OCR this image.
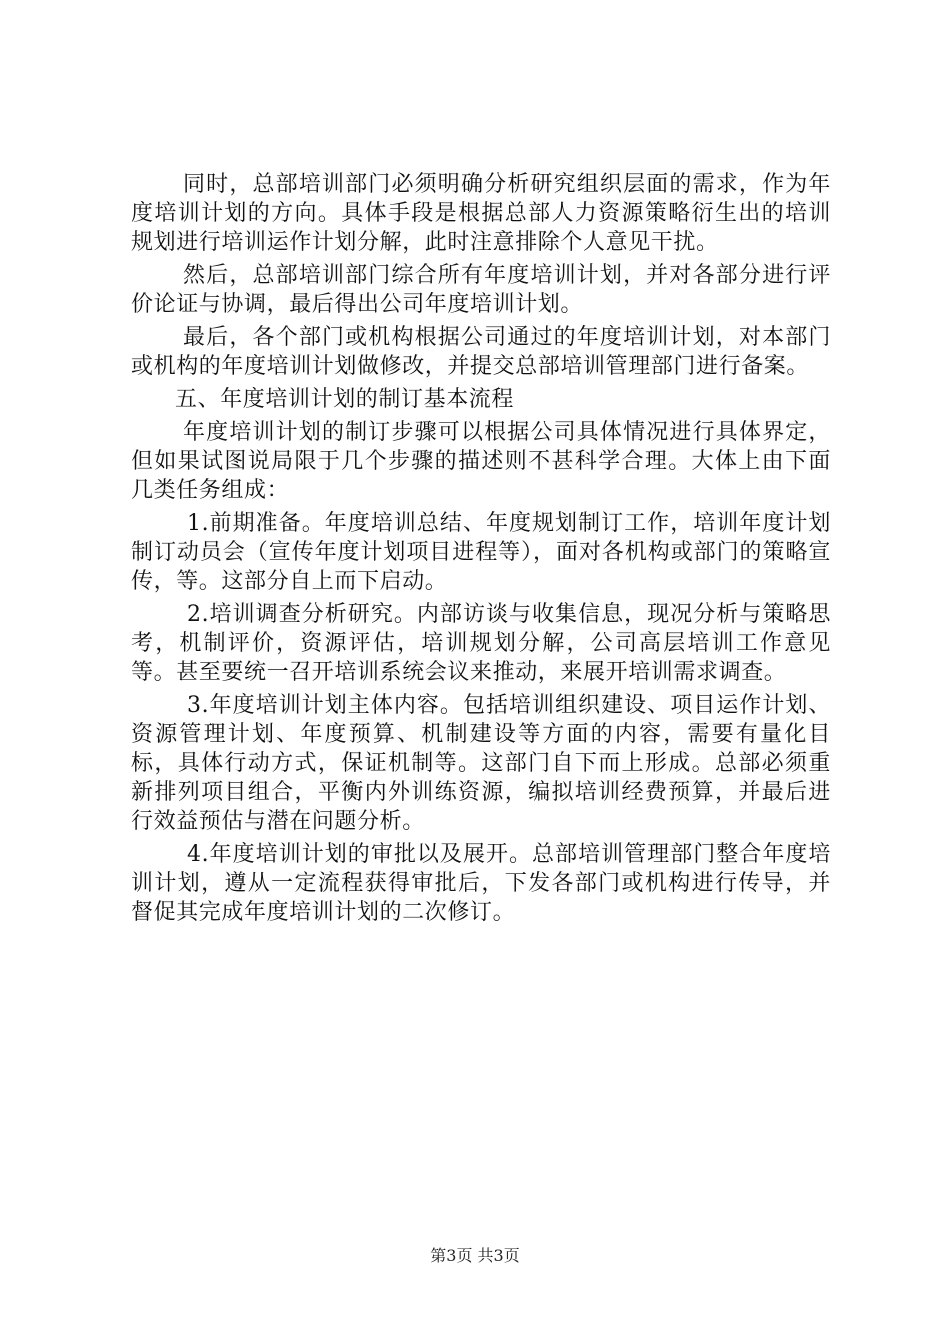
同时，总部培训部门必须明确分析研究组织层面的需求，作为年度培训计划的方向。具体手段是根据总部人力资源策略衍生出的培训规划进行培训运作计划分解，此时注意排除个人意见干扰。

然后，总部培训部门综合所有年度培训计划，并对各部分进行评价论证与协调，最后得出公司年度培训计划。

最后，各个部门或机构根据公司通过的年度培训计划，对本部门或机构的年度培训计划做修改，并提交总部培训管理部门进行备案。

五、年度培训计划的制订基本流程

年度培训计划的制订步骤可以根据公司具体情况进行具体界定，但如果试图说局限于几个步骤的描述则不甚科学合理。大体上由下面几类任务组成：

1.前期准备。年度培训总结、年度规划制订工作，培训年度计划制订动员会（宣传年度计划项目进程等），面对各机构或部门的策略宣传，等。这部分自上而下启动。

2.培训调查分析研究。内部访谈与收集信息，现况分析与策略思考，机制评价，资源评估，培训规划分解，公司高层培训工作意见等。甚至要统一召开培训系统会议来推动，来展开培训需求调查。

3.年度培训计划主体内容。包括培训组织建设、项目运作计划、资源管理计划、年度预算、机制建设等方面的内容，需要有量化目标，具体行动方式，保证机制等。这部门自下而上形成。总部必须重新排列项目组合，平衡内外训练资源，编拟培训经费预算，并最后进行效益预估与潜在问题分析。

4.年度培训计划的审批以及展开。总部培训管理部门整合年度培训计划，遵从一定流程获得审批后，下发各部门或机构进行传导，并督促其完成年度培训计划的二次修订。

第3页 共3页
